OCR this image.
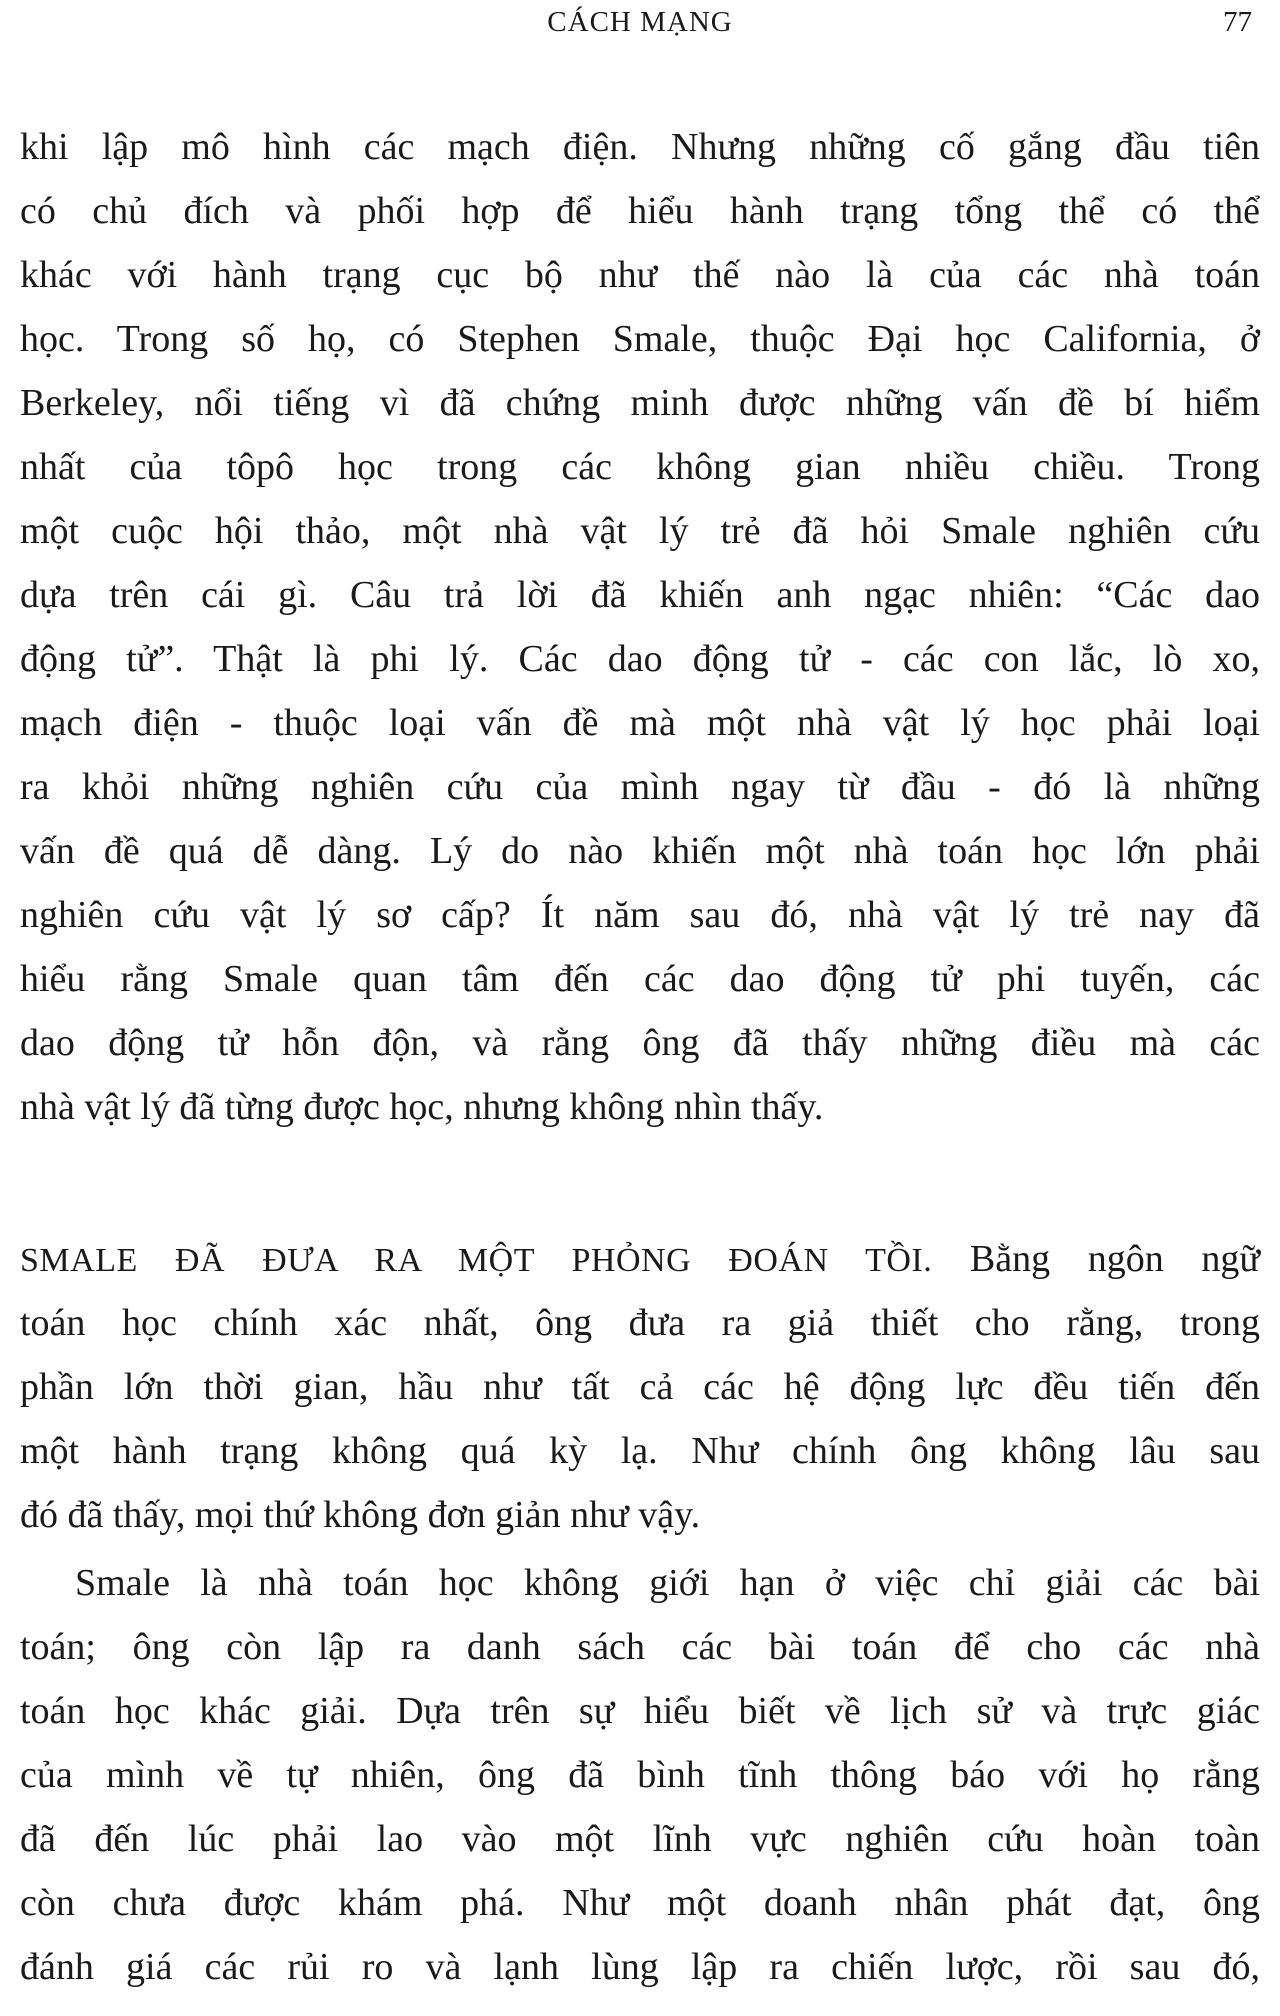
CÁCH MẠNG	77
khi lập mô hình các mạch điện. Nhưng những cố gắng đầu tiên
có chủ đích và phối hợp để hiểu hành trạng tổng thể có thể
khác với hành trạng cục bộ như thế nào là của các nhà toán
học. Trong số họ, có Stephen Smale, thuộc Đại học California, ở
Berkeley, nổi tiếng vì đã chứng minh được những vấn đề bí hiểm
nhất của tôpô học trong các không gian nhiều chiều. Trong
một cuộc hội thảo, một nhà vật lý trẻ đã hỏi Smale nghiên cứu
dựa trên cái gì. Câu trả lời đã khiến anh ngạc nhiên: “Các dao
động tử”. Thật là phi lý. Các dao động tử - các con lắc, lò xo,
mạch điện - thuộc loại vấn đề mà một nhà vật lý học phải loại
ra khỏi những nghiên cứu của mình ngay từ đầu - đó là những
vấn đề quá dễ dàng. Lý do nào khiến một nhà toán học lớn phải
nghiên cứu vật lý sơ cấp? Ít năm sau đó, nhà vật lý trẻ nay đã
hiểu rằng Smale quan tâm đến các dao động tử phi tuyến, các
dao động tử hỗn độn, và rằng ông đã thấy những điều mà các
nhà vật lý đã từng được học, nhưng không nhìn thấy.
SMALE ĐÃ ĐƯA RA MỘT PHỎNG ĐOÁN TỒI. Bằng ngôn ngữ
toán học chính xác nhất, ông đưa ra giả thiết cho rằng, trong
phần lớn thời gian, hầu như tất cả các hệ động lực đều tiến đến
một hành trạng không quá kỳ lạ. Như chính ông không lâu sau
đó đã thấy, mọi thứ không đơn giản như vậy.
Smale là nhà toán học không giới hạn ở việc chỉ giải các bài
toán; ông còn lập ra danh sách các bài toán để cho các nhà
toán học khác giải. Dựa trên sự hiểu biết về lịch sử và trực giác
của mình về tự nhiên, ông đã bình tĩnh thông báo với họ rằng
đã đến lúc phải lao vào một lĩnh vực nghiên cứu hoàn toàn
còn chưa được khám phá. Như một doanh nhân phát đạt, ông
đánh giá các rủi ro và lạnh lùng lập ra chiến lược, rồi sau đó,
